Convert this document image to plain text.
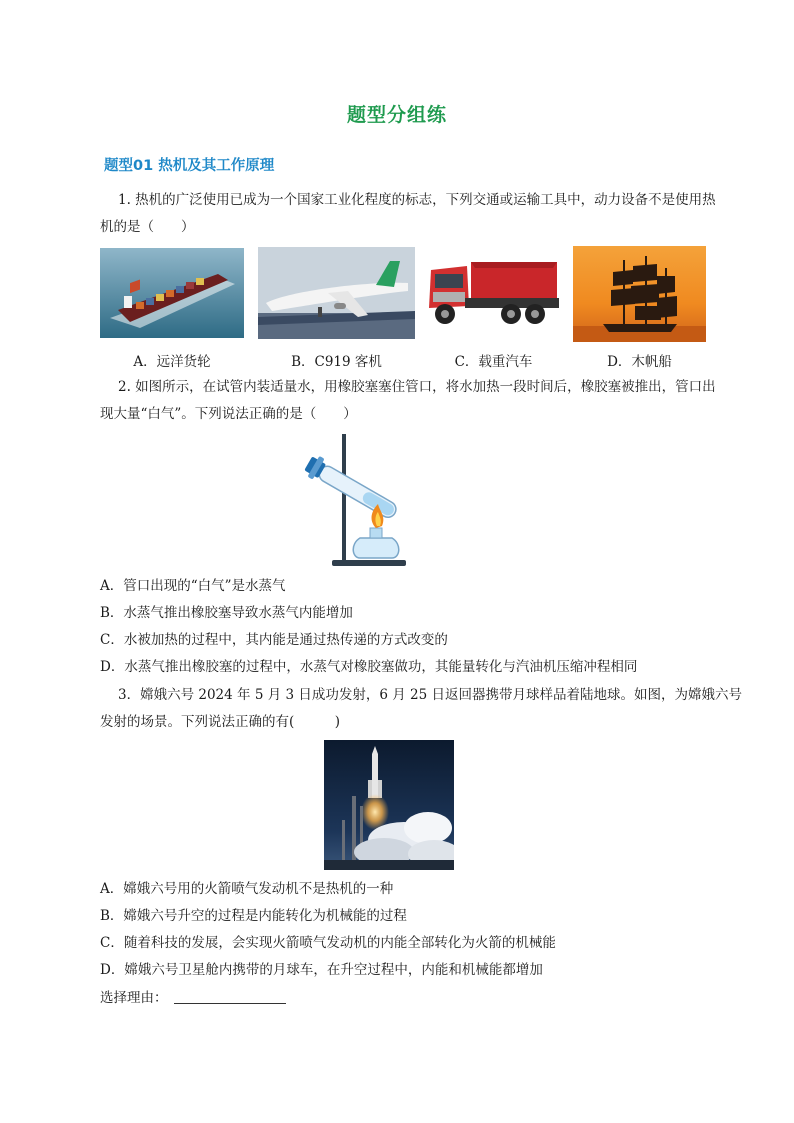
题型分组练
题型01 热机及其工作原理
1. 热机的广泛使用已成为一个国家工业化程度的标志，下列交通或运输工具中，动力设备不是使用热
机的是（　　）
A．远洋货轮	B．C919 客机	C．载重汽车	D．木帆船
2. 如图所示，在试管内装适量水，用橡胶塞塞住管口，将水加热一段时间后，橡胶塞被推出，管口出
现大量“白气”。下列说法正确的是（　　）
A．管口出现的“白气”是水蒸气
B．水蒸气推出橡胶塞导致水蒸气内能增加
C．水被加热的过程中，其内能是通过热传递的方式改变的
D．水蒸气推出橡胶塞的过程中，水蒸气对橡胶塞做功，其能量转化与汽油机压缩冲程相同
3．嫦娥六号 2024 年 5 月 3 日成功发射，6 月 25 日返回器携带月球样品着陆地球。如图，为嫦娥六号
发射的场景。下列说法正确的有(　　　)
A．嫦娥六号用的火箭喷气发动机不是热机的一种
B．嫦娥六号升空的过程是内能转化为机械能的过程
C．随着科技的发展，会实现火箭喷气发动机的内能全部转化为火箭的机械能
D．嫦娥六号卫星舱内携带的月球车，在升空过程中，内能和机械能都增加
选择理由：
